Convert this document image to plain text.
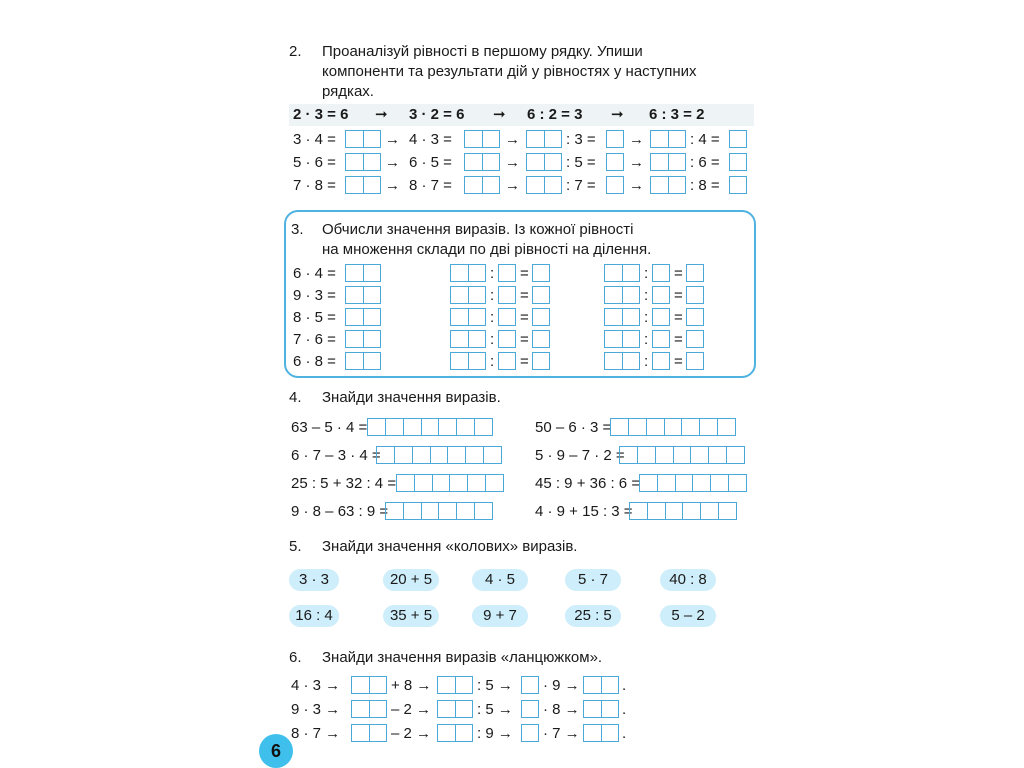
2. Проаналізуй рівності в першому рядку. Упиши
компоненти та результати дій у рівностях у наступних
рядках.
2 · 3 = 6 ➞ 3 · 2 = 6 ➞ 6 : 2 = 3 ➞ 6 : 3 = 2
3 · 4 =	→ 4 · 3 =	→	: 3 = →	: 4 =
5 · 6 =	→ 6 · 5 =	→	: 5 = →	: 6 =
7 · 8 =	→ 8 · 7 =	→	: 7 = →	: 8 =
3. Обчисли значення виразів. Із кожної рівності
на множення склади по дві рівності на ділення.
6 · 4 =	: =	: =
9 · 3 =	: =	: =
8 · 5 =	: =	: =
7 · 6 =	: =	: =
6 · 8 =	: =	: =
4. Знайди значення виразів.
63 – 5 · 4 =	50 – 6 · 3 =
6 · 7 – 3 · 4 =	5 · 9 – 7 · 2 =
25 : 5 + 32 : 4 =	45 : 9 + 36 : 6 =
9 · 8 – 63 : 9 =	4 · 9 + 15 : 3 =
5. Знайди значення «колових» виразів.
3 · 3	20 + 5	4 · 5	5 · 7	40 : 8
16 : 4	35 + 5	9 + 7	25 : 5	5 – 2
6. Знайди значення виразів «ланцюжком».
4 · 3 →	+ 8 →	: 5 → · 9 →	.
9 · 3 →	– 2 →	: 5 → · 8 →	.
8 · 7 →	– 2 →	: 9 → · 7 →	.
6
